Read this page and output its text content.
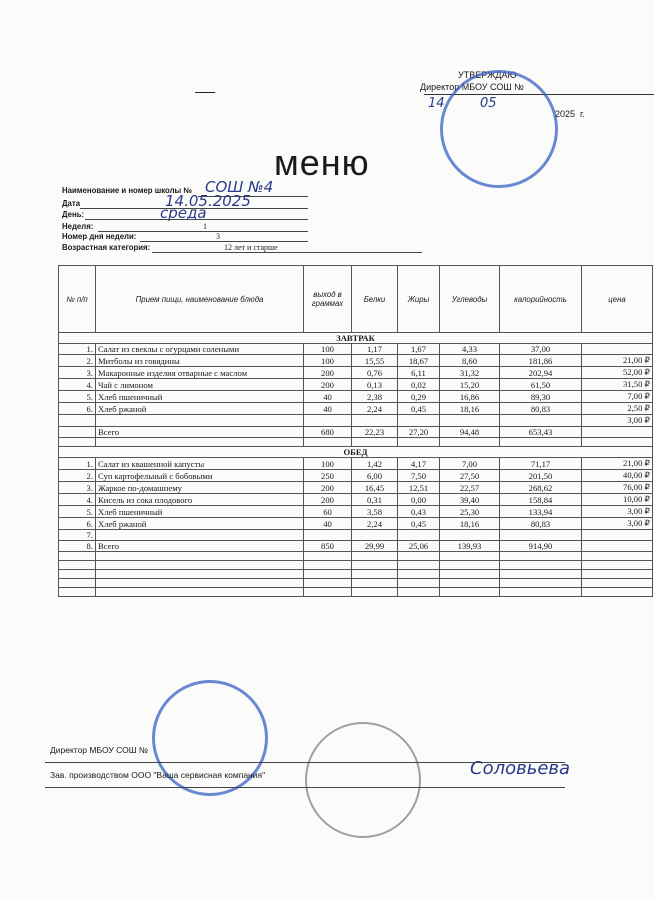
УТВЕРЖДАЮ
Директор МБОУ СОШ №
14	05
2025 г.
меню
Наименование и номер школы № СОШ №4
Дата	14.05.2025
День:	среда
Неделя:	1
Номер дня недели:	3
Возрастная категория:	12 лет и старше
№ п/п	Прием пищи, наименование блюда	выход в граммах	Белки	Жиры	Углеводы	калорийность	цена
ЗАВТРАК							
1.	Салат из свеклы с огурцами солеными	100	1,17	1,67	4,33	37,00	
2.	Митболы из говядины	100	15,55	18,67	8,60	181,86	21,00 ₽
3.	Макаронные изделия отварные с маслом	200	0,76	6,11	31,32	202,94	52,00 ₽
4.	Чай с лимоном	200	0,13	0,02	15,20	61,50	31,50 ₽
5.	Хлеб пшеничный	40	2,38	0,29	16,86	89,30	7,00 ₽
6.	Хлеб ржаной	40	2,24	0,45	18,16	80,83	2,50 ₽
							3,00 ₽
	Всего	680	22,23	27,20	94,48	653,43	

ОБЕД							
1.	Салат из квашенной капусты	100	1,42	4,17	7,00	71,17	21,00 ₽
2.	Суп картофельный с бобовыми	250	6,00	7,50	27,50	201,50	40,00 ₽
3.	Жаркое по-домашнему	200	16,45	12,51	22,57	268,62	76,00 ₽
4.	Кисель из сока плодового	200	0,31	0,00	39,40	158,84	10,00 ₽
5.	Хлеб пшеничный	60	3,58	0,43	25,30	133,94	3,00 ₽
6.	Хлеб ржаной	40	2,24	0,45	18,16	80,83	3,00 ₽
7.							
8.	Всего	850	29,99	25,06	139,93	914,90	

Директор МБОУ СОШ №
Зав. производством ООО "Ваша сервисная компания"	Соловьева
